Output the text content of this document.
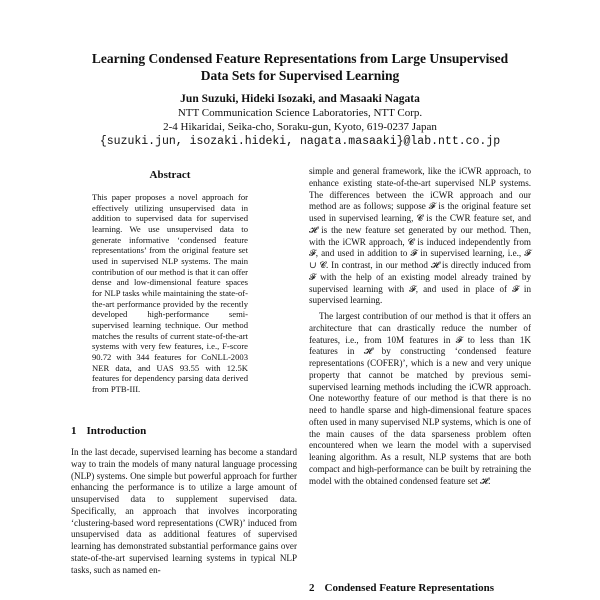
Learning Condensed Feature Representations from Large Unsupervised
Data Sets for Supervised Learning
Jun Suzuki, Hideki Isozaki, and Masaaki Nagata
NTT Communication Science Laboratories, NTT Corp.
2-4 Hikaridai, Seika-cho, Soraku-gun, Kyoto, 619-0237 Japan
{suzuki.jun, isozaki.hideki, nagata.masaaki}@lab.ntt.co.jp
Abstract

This paper proposes a novel approach for effectively utilizing unsupervised data in addition to supervised data for supervised learning. We use unsupervised data to generate informative ‘condensed feature representations’ from the original feature set used in supervised NLP systems. The main contribution of our method is that it can offer dense and low-dimensional feature spaces for NLP tasks while maintaining the state-of-the-art performance provided by the recently developed high-performance semi-supervised learning technique. Our method matches the results of current state-of-the-art systems with very few features, i.e., F-score 90.72 with 344 features for CoNLL-2003 NER data, and UAS 93.55 with 12.5K features for dependency parsing data derived from PTB-III.

1 Introduction

In the last decade, supervised learning has become a standard way to train the models of many natural language processing (NLP) systems. One simple but powerful approach for further enhancing the performance is to utilize a large amount of unsupervised data to supplement supervised data. Specifically, an approach that involves incorporating ‘clustering-based word representations (CWR)’ induced from unsupervised data as additional features of supervised learning has demonstrated substantial performance gains over state-of-the-art supervised learning systems in typical NLP tasks, such as named en-

simple and general framework, like the iCWR approach, to enhance existing state-of-the-art supervised NLP systems. The differences between the iCWR approach and our method are as follows; suppose 𝓕 is the original feature set used in supervised learning, 𝓒 is the CWR feature set, and 𝓗 is the new feature set generated by our method. Then, with the iCWR approach, 𝓒 is induced independently from 𝓕, and used in addition to 𝓕 in supervised learning, i.e., 𝓕 ∪ 𝓒. In contrast, in our method 𝓗 is directly induced from 𝓕 with the help of an existing model already trained by supervised learning with 𝓕, and used in place of 𝓕 in supervised learning.

The largest contribution of our method is that it offers an architecture that can drastically reduce the number of features, i.e., from 10M features in 𝓕 to less than 1K features in 𝓗 by constructing ‘condensed feature representations (COFER)’, which is a new and very unique property that cannot be matched by previous semi-supervised learning methods including the iCWR approach. One noteworthy feature of our method is that there is no need to handle sparse and high-dimensional feature spaces often used in many supervised NLP systems, which is one of the main causes of the data sparseness problem often encountered when we learn the model with a supervised leaning algorithm. As a result, NLP systems that are both compact and high-performance can be built by retraining the model with the obtained condensed feature set 𝓗.

2 Condensed Feature Representations
